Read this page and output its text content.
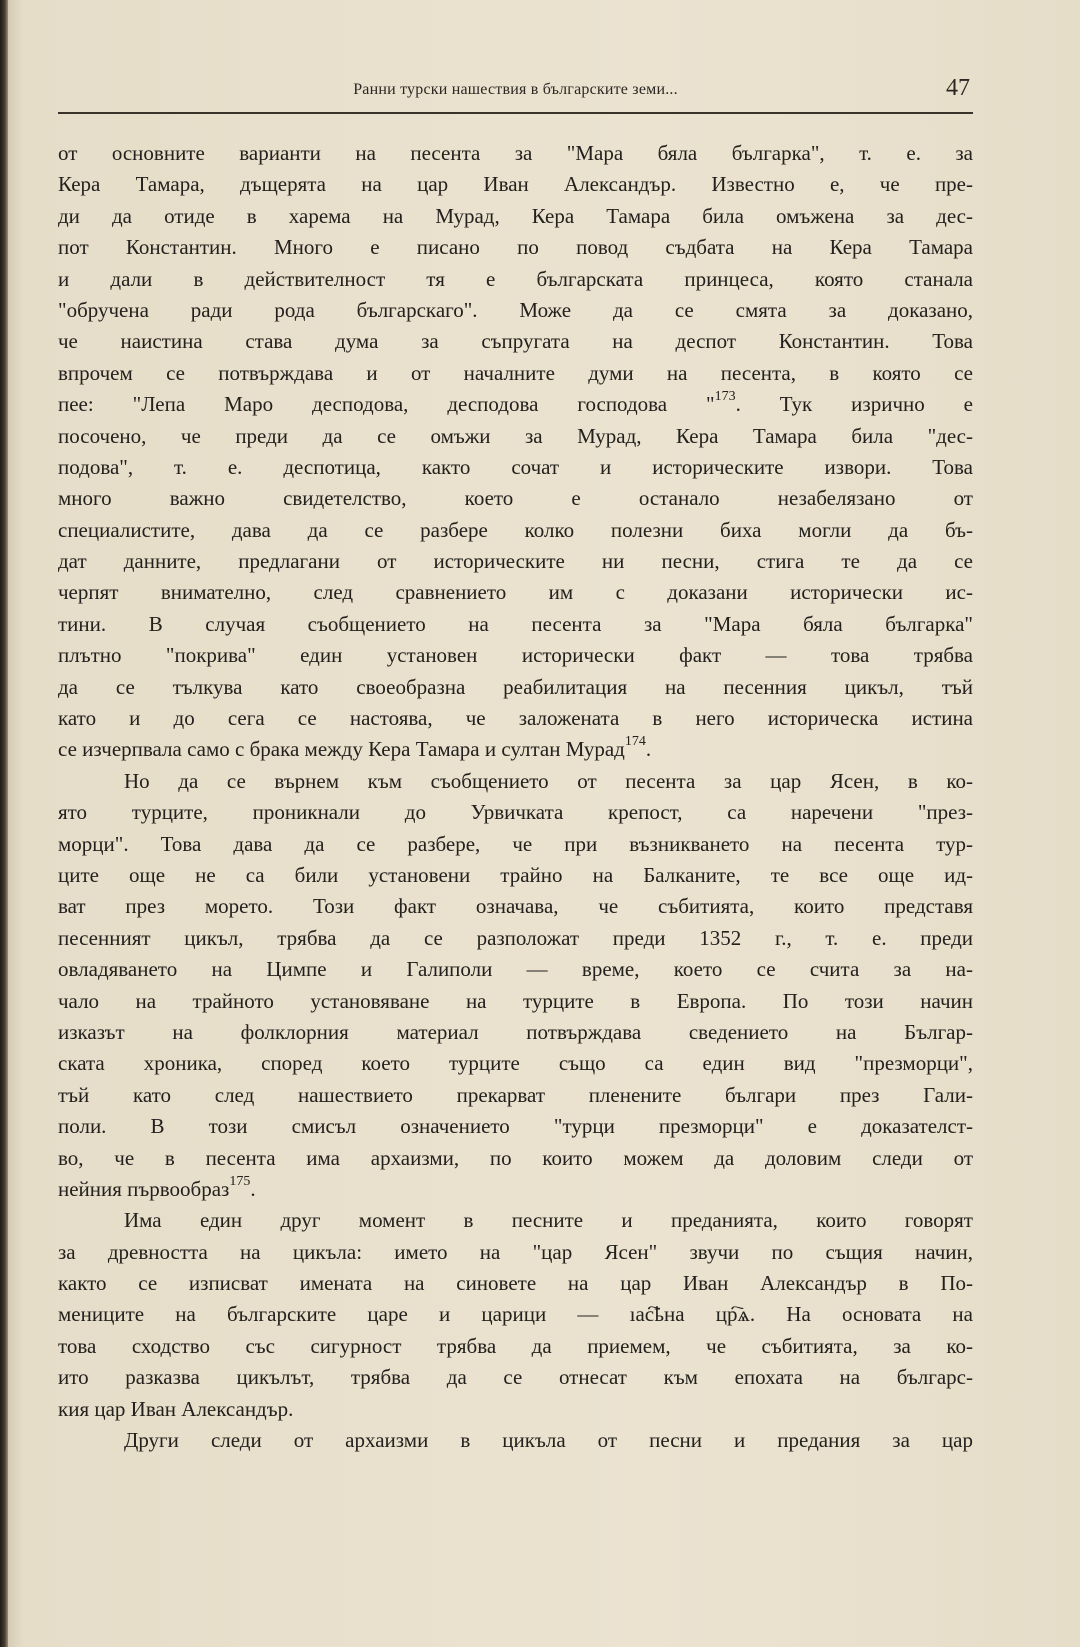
Ранни турски нашествия в българските земи...	47
от основните варианти на песента за "Мара бяла българка", т. е. за
Кера Тамара, дъщерята на цар Иван Александър. Известно е, че пре-
ди да отиде в харема на Мурад, Кера Тамара била омъжена за дес-
пот Константин. Много е писано по повод съдбата на Кера Тамара
и дали в действителност тя е българската принцеса, която станала
"обручена ради рода българскаго". Може да се смята за доказано,
че наистина става дума за съпругата на деспот Константин. Това
впрочем се потвърждава и от началните думи на песента, в която се
пее: "Лепа Маро десподова, десподова господова "$^{173}$. Тук изрично е
посочено, че преди да се омъжи за Мурад, Кера Тамара била "дес-
подова", т. е. деспотица, както сочат и историческите извори. Това
много важно свидетелство, което е останало незабелязано от
специалистите, дава да се разбере колко полезни биха могли да бъ-
дат данните, предлагани от историческите ни песни, стига те да се
черпят внимателно, след сравнението им с доказани исторически ис-
тини. В случая съобщението на песента за "Мара бяла българка"
плътно "покрива" един установен исторически факт — това трябва
да се тълкува като своеобразна реабилитация на песенния цикъл, тъй
като и до сега се настоява, че заложената в него историческа истина
се изчерпвала само с брака между Кера Тамара и султан Мурад$^{174}$.
Но да се върнем към съобщението от песента за цар Ясен, в ко-
ято турците, проникнали до Урвичката крепост, са наречени "през-
морци". Това дава да се разбере, че при възникването на песента тур-
ците още не са били установени трайно на Балканите, те все още ид-
ват през морето. Този факт означава, че събитията, които представя
песенният цикъл, трябва да се разположат преди 1352 г., т. е. преди
овладяването на Цимпе и Галиполи — време, което се счита за на-
чало на трайното установяване на турците в Европа. По този начин
изказът на фолклорния материал потвърждава сведението на Българ-
ската хроника, според което турците също са един вид "презморци",
тъй като след нашествието прекарват пленените българи през Гали-
поли. В този смисъл означението "турци презморци" е доказателст-
во, че в песента има архаизми, по които можем да доловим следи от
нейния първообраз$^{175}$.
Има един друг момент в песните и преданията, които говорят
за древността на цикъла: името на "цар Ясен" звучи по същия начин,
както се изписват имената на синовете на цар Иван Александър в По-
мениците на българските царе и царици — ıас҇ҍна цр҇ѧ. На основата на
това сходство със сигурност трябва да приемем, че събитията, за ко-
ито разказва цикълът, трябва да се отнесат към епохата на българс-
кия цар Иван Александър.
Други следи от архаизми в цикъла от песни и предания за цар
